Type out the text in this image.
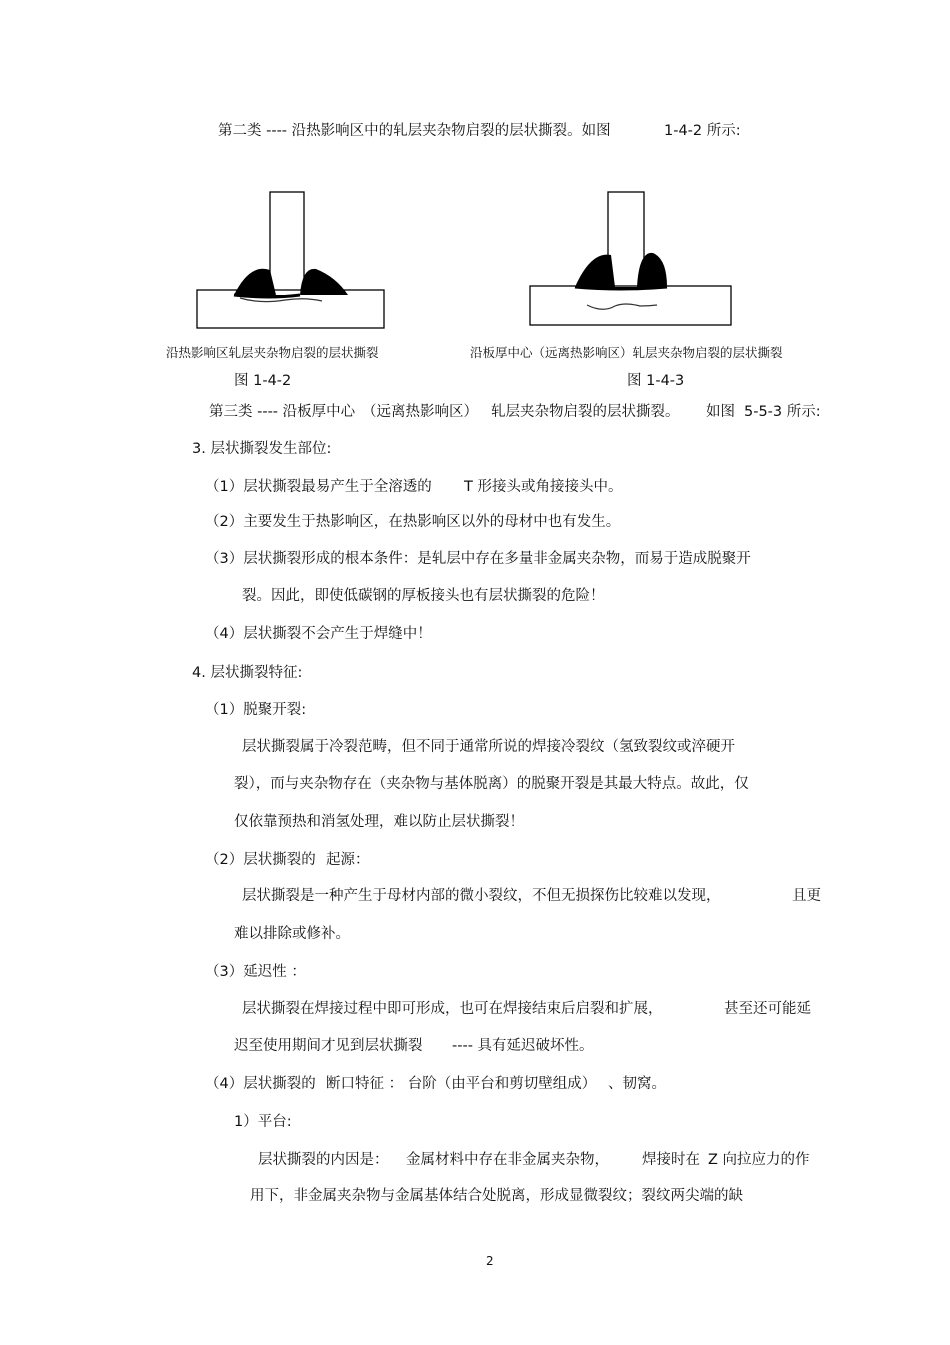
第二类 ---- 沿热影响区中的轧层夹杂物启裂的层状撕裂。如图	1-4-2 所示:
沿热影响区轧层夹杂物启裂的层状撕裂	沿板厚中心（远离热影响区）轧层夹杂物启裂的层状撕裂
图 1-4-2	图 1-4-3
第三类 ---- 沿板厚中心 （远离热影响区） 轧层夹杂物启裂的层状撕裂。 如图 5-5-3 所示:
3. 层状撕裂发生部位:
（1）层状撕裂最易产生于全溶透的 T 形接头或角接接头中。
（2）主要发生于热影响区，在热影响区以外的母材中也有发生。
（3）层状撕裂形成的根本条件：是轧层中存在多量非金属夹杂物，而易于造成脱聚开
裂。因此，即使低碳钢的厚板接头也有层状撕裂的危险！
（4）层状撕裂不会产生于焊缝中！
4. 层状撕裂特征:
（1）脱聚开裂:
层状撕裂属于冷裂范畴，但不同于通常所说的焊接冷裂纹（氢致裂纹或淬硬开
裂），而与夹杂物存在（夹杂物与基体脱离）的脱聚开裂是其最大特点。故此，仅
仅依靠预热和消氢处理，难以防止层状撕裂！
（2）层状撕裂的 起源：
层状撕裂是一种产生于母材内部的微小裂纹，不但无损探伤比较难以发现，	且更
难以排除或修补。
（3）延迟性 ：
层状撕裂在焊接过程中即可形成，也可在焊接结束后启裂和扩展，	甚至还可能延
迟至使用期间才见到层状撕裂 ---- 具有延迟破坏性。
（4）层状撕裂的 断口特征 ： 台阶（由平台和剪切壁组成） 、韧窝。
1）平台:
层状撕裂的内因是： 金属材料中存在非金属夹杂物， 焊接时在 Z 向拉应力的作
用下，非金属夹杂物与金属基体结合处脱离，形成显微裂纹；裂纹两尖端的缺
2
